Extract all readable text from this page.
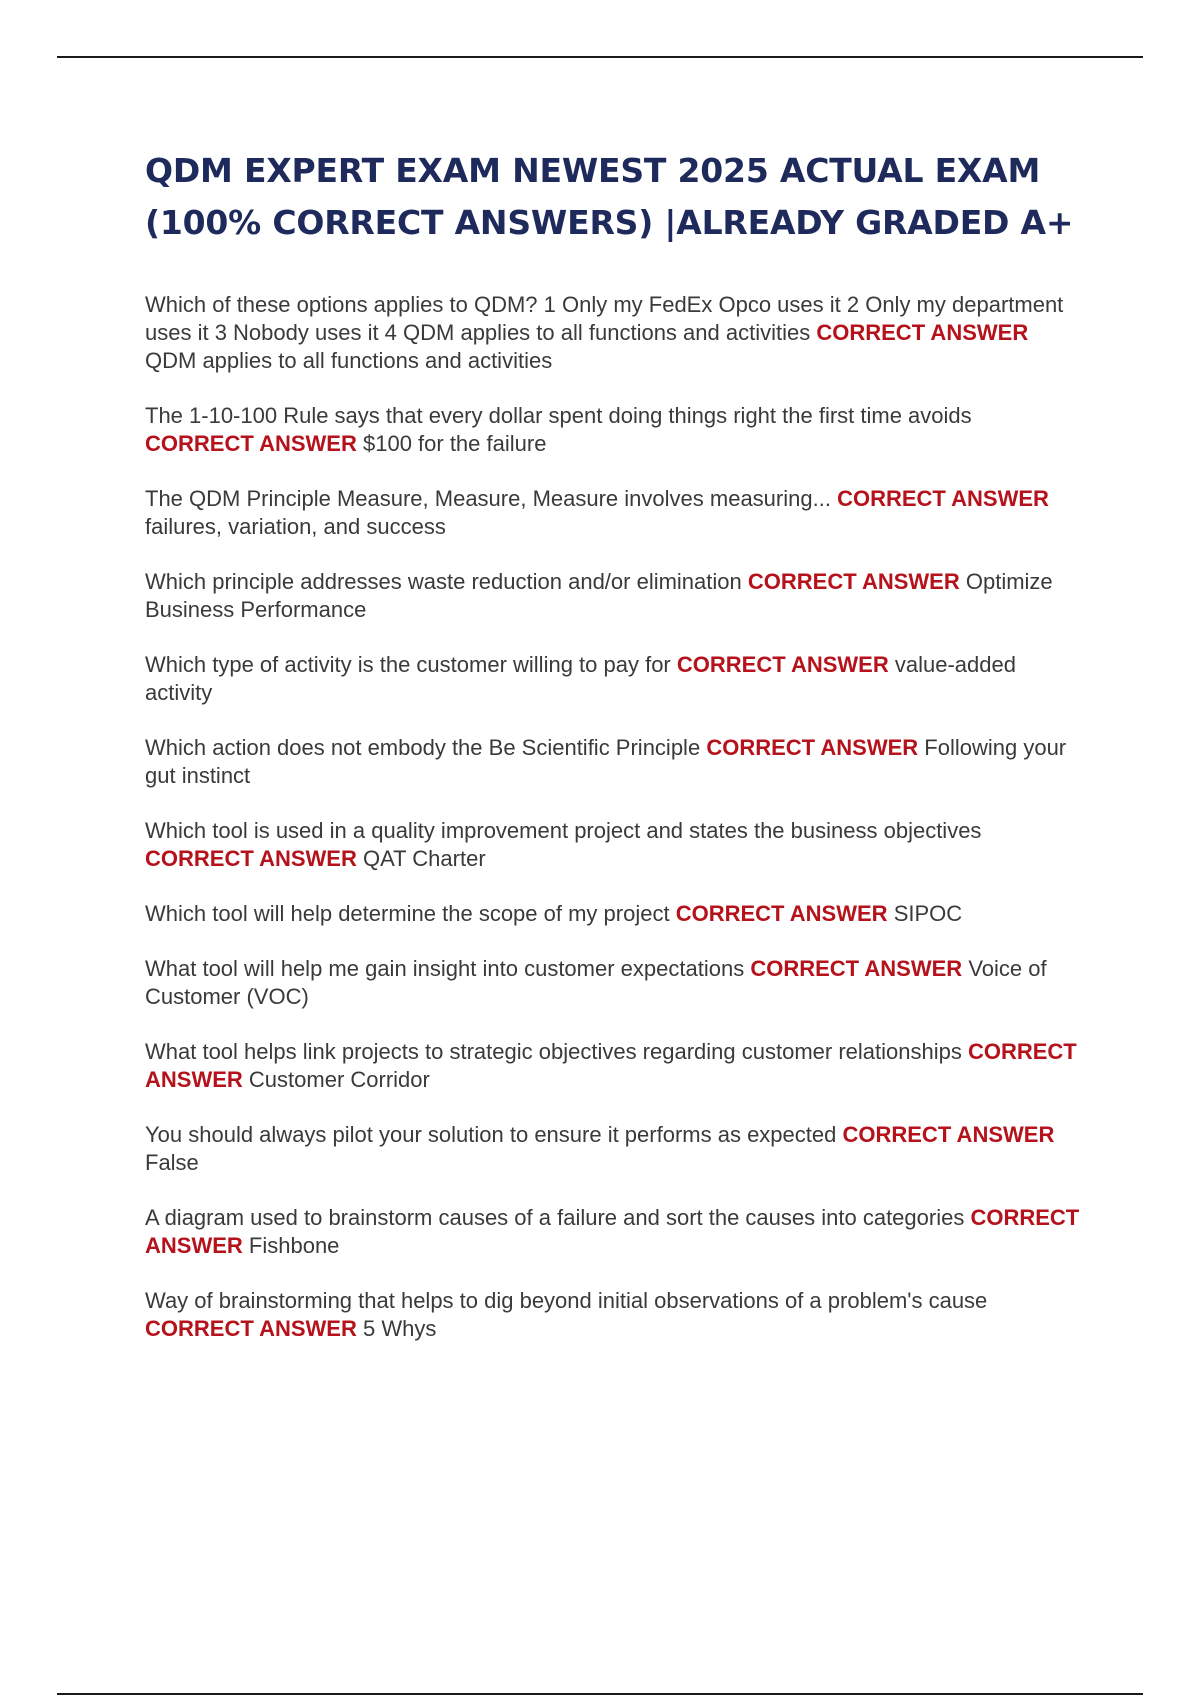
QDM EXPERT EXAM NEWEST 2025 ACTUAL EXAM (100% CORRECT ANSWERS) |ALREADY GRADED A+

Which of these options applies to QDM? 1 Only my FedEx Opco uses it 2 Only my department uses it 3 Nobody uses it 4 QDM applies to all functions and activities CORRECT ANSWER QDM applies to all functions and activities

The 1-10-100 Rule says that every dollar spent doing things right the first time avoids CORRECT ANSWER $100 for the failure

The QDM Principle Measure, Measure, Measure involves measuring... CORRECT ANSWER failures, variation, and success

Which principle addresses waste reduction and/or elimination CORRECT ANSWER Optimize Business Performance

Which type of activity is the customer willing to pay for CORRECT ANSWER value-added activity

Which action does not embody the Be Scientific Principle CORRECT ANSWER Following your gut instinct

Which tool is used in a quality improvement project and states the business objectives CORRECT ANSWER QAT Charter

Which tool will help determine the scope of my project CORRECT ANSWER SIPOC

What tool will help me gain insight into customer expectations CORRECT ANSWER Voice of Customer (VOC)

What tool helps link projects to strategic objectives regarding customer relationships CORRECT ANSWER Customer Corridor

You should always pilot your solution to ensure it performs as expected CORRECT ANSWER False

A diagram used to brainstorm causes of a failure and sort the causes into categories CORRECT ANSWER Fishbone

Way of brainstorming that helps to dig beyond initial observations of a problem's cause CORRECT ANSWER 5 Whys
